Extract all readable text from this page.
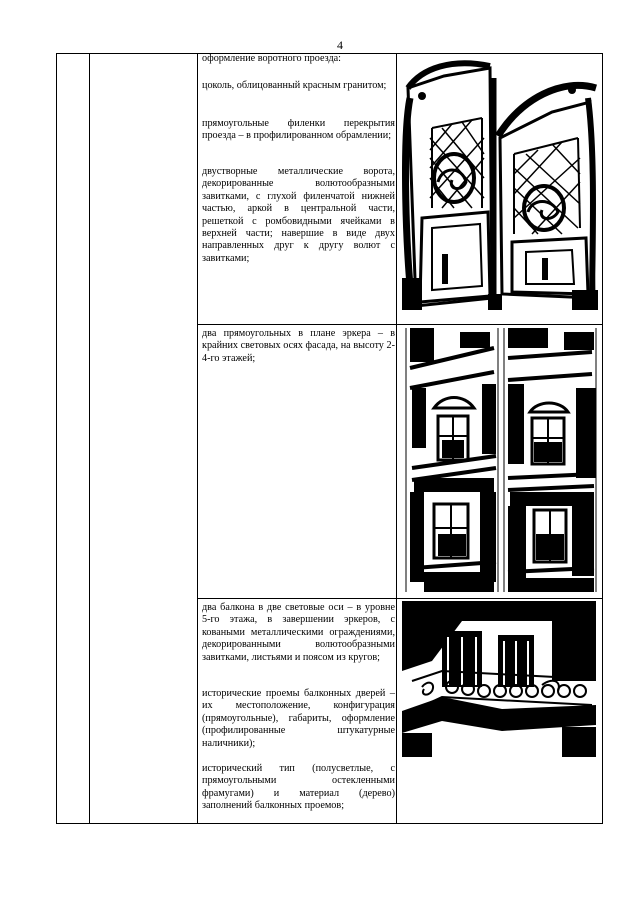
4

оформление воротного проезда:

цоколь, облицованный красным гранитом;

прямоугольные филенки перекрытия проезда – в профилированном обрамлении;

двустворные металлические ворота, декорированные волютообразными завитками, с глухой филенчатой нижней частью, аркой в центральной части, решеткой с ромбовидными ячейками в верхней части; навершие в виде двух направленных друг к другу волют с завитками;

два прямоугольных в плане эркера – в крайних световых осях фасада, на высоту 2-4-го этажей;

два балкона в две световые оси – в уровне 5-го этажа, в завершении эркеров, с коваными металлическими ограждениями, декорированными волютообразными завитками, листьями и поясом из кругов;

исторические проемы балконных дверей – их местоположение, конфигурация (прямоугольные), габариты, оформление (профилированные штукатурные наличники);

исторический тип (полусветлые, с прямоугольными остекленными фрамугами) и материал (дерево) заполнений балконных проемов;
